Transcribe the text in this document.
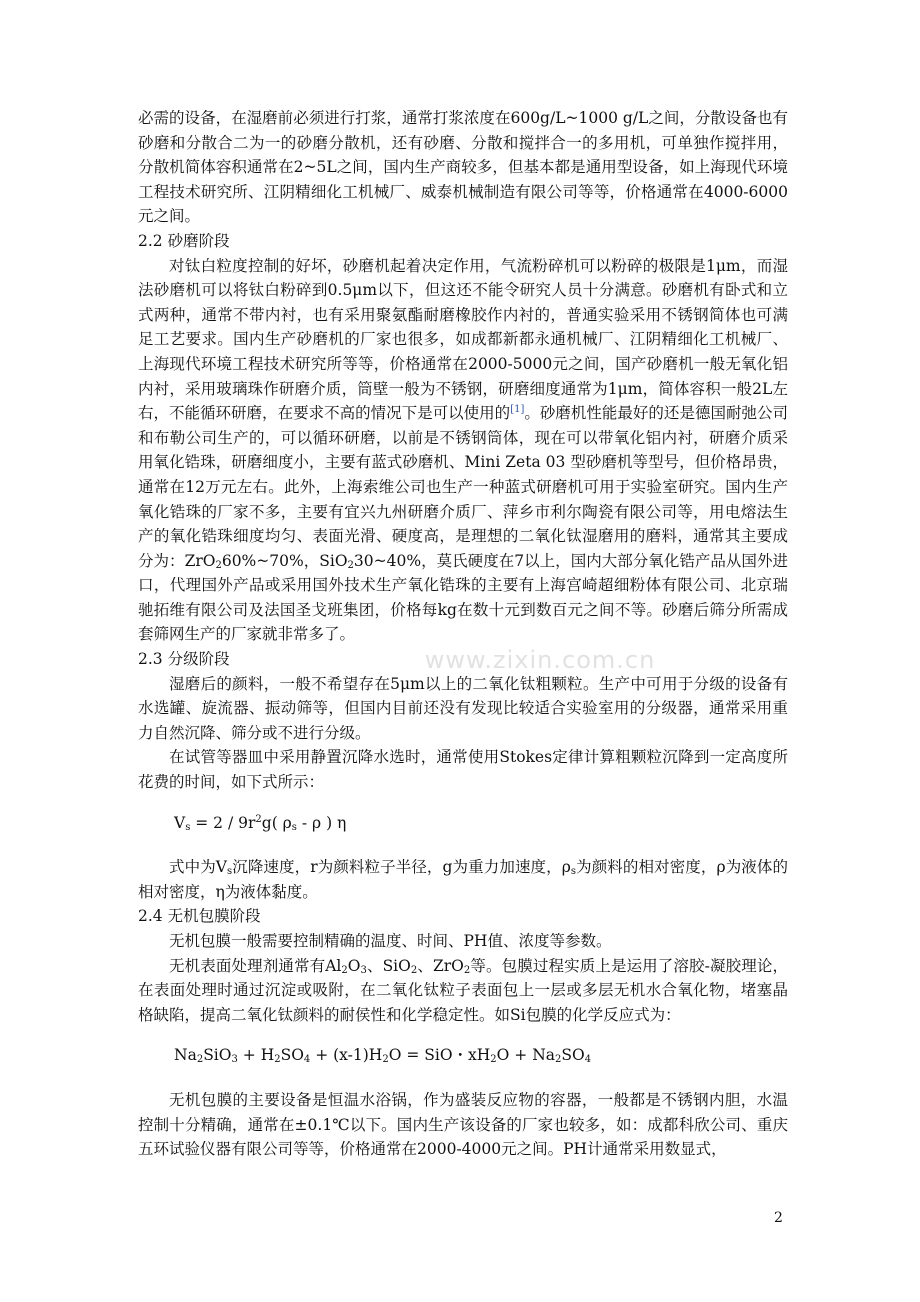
必需的设备，在湿磨前必须进行打浆，通常打浆浓度在600g/L~1000 g/L之间，分散设备也有砂磨和分散合二为一的砂磨分散机，还有砂磨、分散和搅拌合一的多用机，可单独作搅拌用，分散机简体容积通常在2~5L之间，国内生产商较多，但基本都是通用型设备，如上海现代环境工程技术研究所、江阴精细化工机械厂、威泰机械制造有限公司等等，价格通常在4000-6000元之间。

2.2 砂磨阶段

对钛白粒度控制的好坏，砂磨机起着决定作用，气流粉碎机可以粉碎的极限是1μm，而湿法砂磨机可以将钛白粉碎到0.5μm以下，但这还不能令研究人员十分满意。砂磨机有卧式和立式两种，通常不带内衬，也有采用聚氨酯耐磨橡胶作内衬的，普通实验采用不锈钢简体也可满足工艺要求。国内生产砂磨机的厂家也很多，如成都新都永通机械厂、江阴精细化工机械厂、上海现代环境工程技术研究所等等，价格通常在2000-5000元之间，国产砂磨机一般无氧化铝内衬，采用玻璃珠作研磨介质，筒壁一般为不锈钢，研磨细度通常为1μm，简体容积一般2L左右，不能循环研磨，在要求不高的情况下是可以使用的[1]。砂磨机性能最好的还是德国耐弛公司和布勒公司生产的，可以循环研磨，以前是不锈钢筒体，现在可以带氧化铝内衬，研磨介质采用氧化锆珠，研磨细度小，主要有蓝式砂磨机、Mini Zeta 03 型砂磨机等型号，但价格昂贵，通常在12万元左右。此外，上海索维公司也生产一种蓝式研磨机可用于实验室研究。国内生产氧化锆珠的厂家不多，主要有宜兴九州研磨介质厂、萍乡市利尔陶瓷有限公司等，用电熔法生产的氧化锆珠细度均匀、表面光滑、硬度高，是理想的二氧化钛湿磨用的磨料，通常其主要成分为：ZrO$_2$60%~70%，SiO$_2$30~40%，莫氏硬度在7以上，国内大部分氧化锆产品从国外进口，代理国外产品或采用国外技术生产氧化锆珠的主要有上海宫崎超细粉体有限公司、北京瑞驰拓维有限公司及法国圣戈班集团，价格每kg在数十元到数百元之间不等。砂磨后筛分所需成套筛网生产的厂家就非常多了。

2.3 分级阶段

湿磨后的颜料，一般不希望存在5μm以上的二氧化钛粗颗粒。生产中可用于分级的设备有水选罐、旋流器、振动筛等，但国内目前还没有发现比较适合实验室用的分级器，通常采用重力自然沉降、筛分或不进行分级。

在试管等器皿中采用静置沉降水选时，通常使用Stokes定律计算粗颗粒沉降到一定高度所花费的时间，如下式所示：

$V_s = 2 / 9r^2g$( $\rho_s$ - ρ ) η

式中为$V_s$沉降速度，r为颜料粒子半径，g为重力加速度，$\rho_s$为颜料的相对密度，ρ为液体的相对密度，η为液体黏度。

2.4 无机包膜阶段

无机包膜一般需要控制精确的温度、时间、PH值、浓度等参数。

无机表面处理剂通常有$Al_2O_3$、SiO$_2$、ZrO$_2$等。包膜过程实质上是运用了溶胶-凝胶理论，在表面处理时通过沉淀或吸附，在二氧化钛粒子表面包上一层或多层无机水合氧化物，堵塞晶格缺陷，提高二氧化钛颜料的耐侯性和化学稳定性。如Si包膜的化学反应式为：

$Na_2SiO_3 + H_2SO_4 + (x-1)H_2O$ = SiO・$xH_2O + Na_2SO_4$

无机包膜的主要设备是恒温水浴锅，作为盛装反应物的容器，一般都是不锈钢内胆，水温控制十分精确，通常在±0.1℃以下。国内生产该设备的厂家也较多，如：成都科欣公司、重庆五环试验仪器有限公司等等，价格通常在2000-4000元之间。PH计通常采用数显式，

www.zixin.com.cn
2
